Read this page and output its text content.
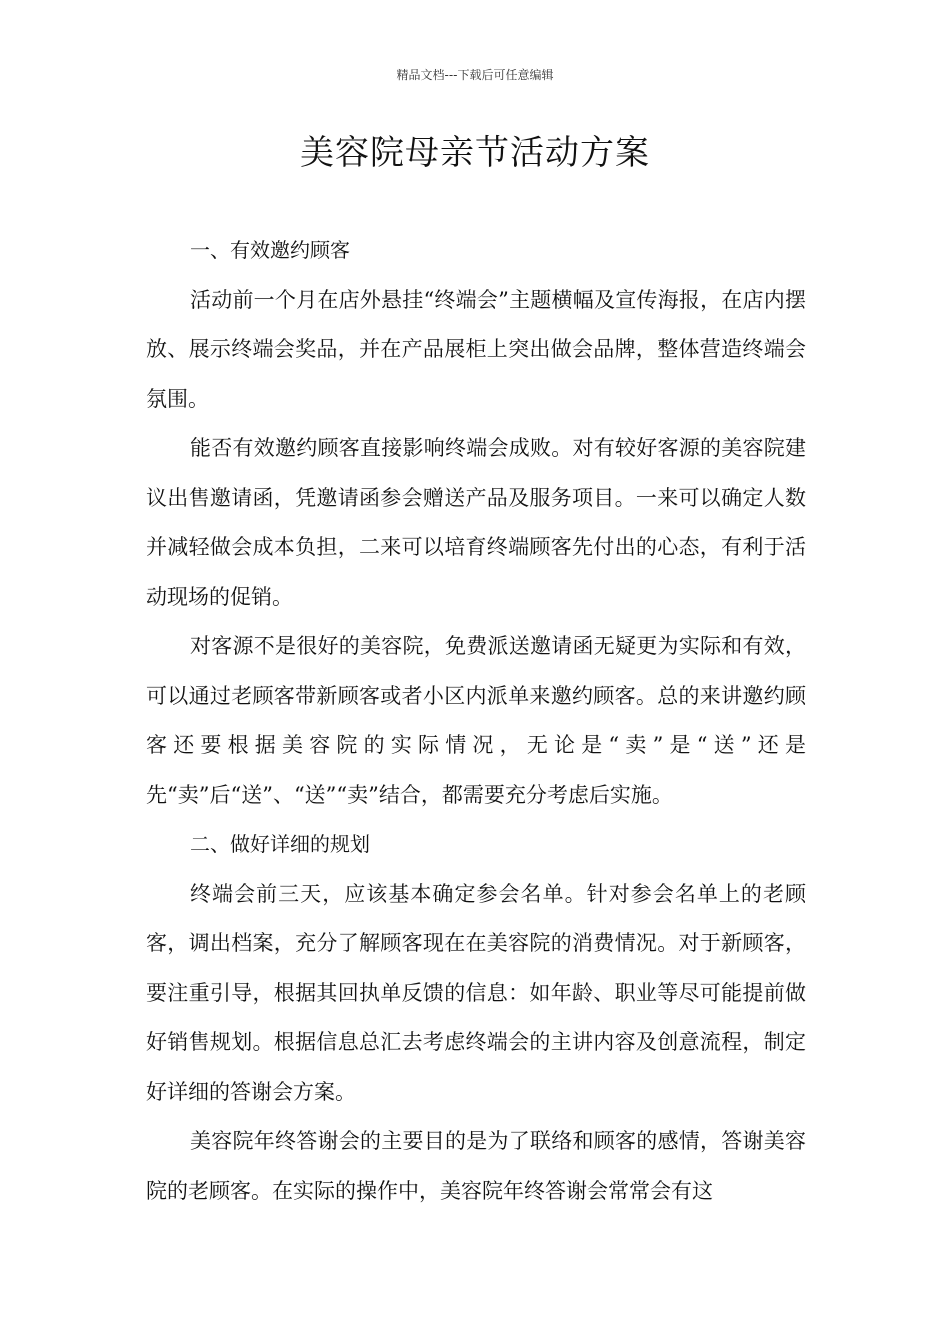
精品文档---下载后可任意编辑
美容院母亲节活动方案

一、有效邀约顾客

活动前一个月在店外悬挂“终端会”主题横幅及宣传海报，在店内摆放、展示终端会奖品，并在产品展柜上突出做会品牌，整体营造终端会氛围。

能否有效邀约顾客直接影响终端会成败。对有较好客源的美容院建议出售邀请函，凭邀请函参会赠送产品及服务项目。一来可以确定人数并减轻做会成本负担，二来可以培育终端顾客先付出的心态，有利于活动现场的促销。

对客源不是很好的美容院，免费派送邀请函无疑更为实际和有效，可以通过老顾客带新顾客或者小区内派单来邀约顾客。总的来讲邀约顾客还要根据美容院的实际情况，无论是“卖”是“送”还是先“卖”后“送”、“送”“卖”结合，都需要充分考虑后实施。

二、做好详细的规划

终端会前三天，应该基本确定参会名单。针对参会名单上的老顾客，调出档案，充分了解顾客现在在美容院的消费情况。对于新顾客，要注重引导，根据其回执单反馈的信息：如年龄、职业等尽可能提前做好销售规划。根据信息总汇去考虑终端会的主讲内容及创意流程，制定好详细的答谢会方案。

美容院年终答谢会的主要目的是为了联络和顾客的感情，答谢美容院的老顾客。在实际的操作中，美容院年终答谢会常常会有这
